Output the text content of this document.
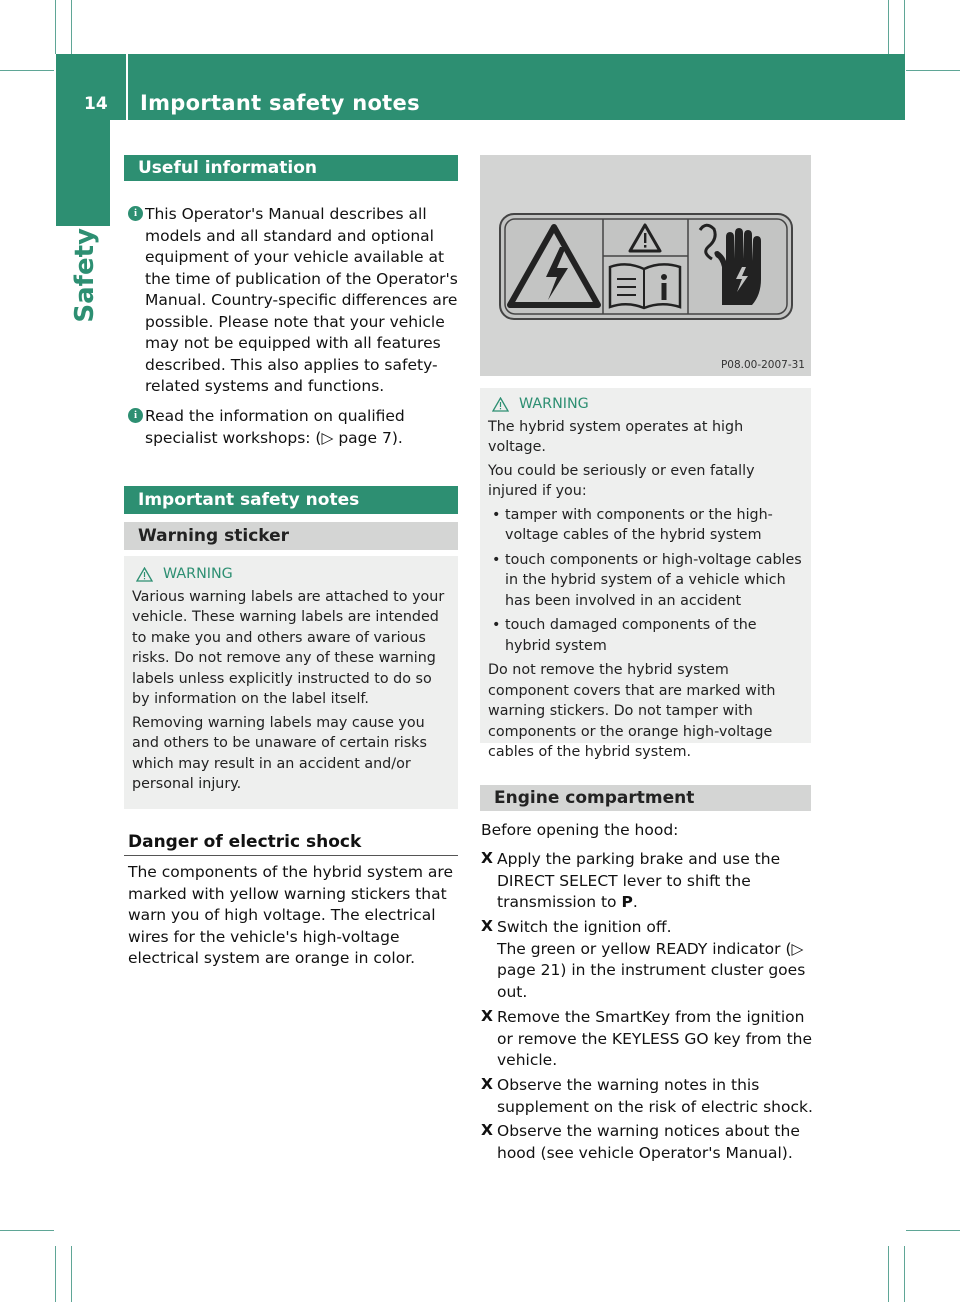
14 Important safety notes
Safety
Useful information
i This Operator's Manual describes all models and all standard and optional equipment of your vehicle available at the time of publication of the Operator's Manual. Country-specific differences are possible. Please note that your vehicle may not be equipped with all features described. This also applies to safety-related systems and functions.
i Read the information on qualified specialist workshops: (▷ page 7).
Important safety notes
Warning sticker
WARNING

Various warning labels are attached to your vehicle. These warning labels are intended to make you and others aware of various risks. Do not remove any of these warning labels unless explicitly instructed to do so by information on the label itself.

Removing warning labels may cause you and others to be unaware of certain risks which may result in an accident and/or personal injury.

Danger of electric shock
The components of the hybrid system are marked with yellow warning stickers that warn you of high voltage. The electrical wires for the vehicle's high-voltage electrical system are orange in color.
P08.00-2007-31
WARNING

The hybrid system operates at high voltage.

You could be seriously or even fatally injured if you:

• tamper with components or the high-voltage cables of the hybrid system
• touch components or high-voltage cables in the hybrid system of a vehicle which has been involved in an accident
• touch damaged components of the hybrid system

Do not remove the hybrid system component covers that are marked with warning stickers. Do not tamper with components or the orange high-voltage cables of the hybrid system.

Engine compartment
Before opening the hood:
X Apply the parking brake and use the DIRECT SELECT lever to shift the transmission to P.
X Switch the ignition off.
The green or yellow READY indicator (▷ page 21) in the instrument cluster goes out.
X Remove the SmartKey from the ignition or remove the KEYLESS GO key from the vehicle.
X Observe the warning notes in this supplement on the risk of electric shock.
X Observe the warning notices about the hood (see vehicle Operator's Manual).
